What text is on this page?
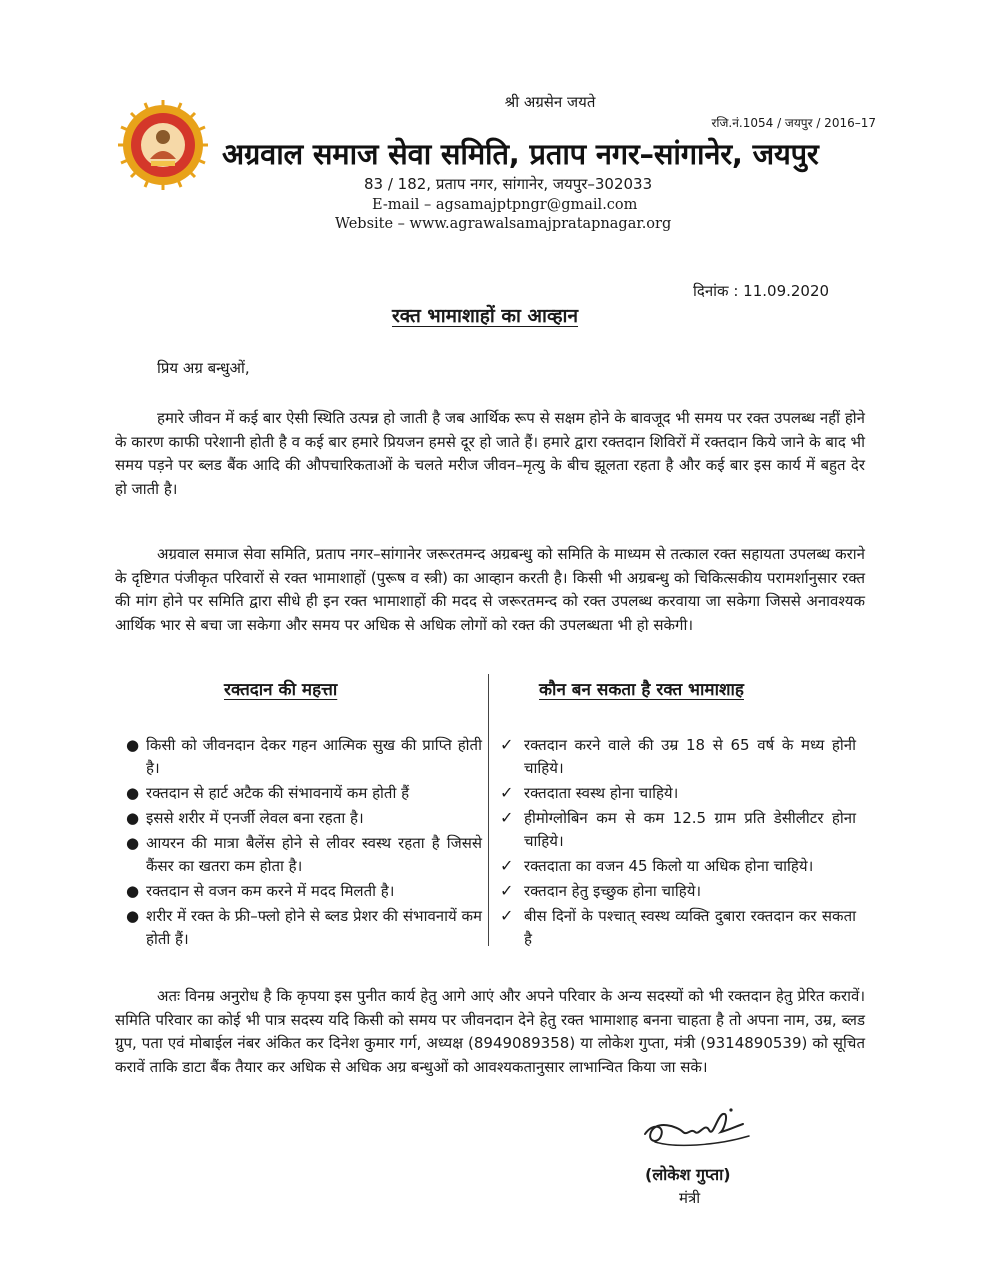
श्री अग्रसेन जयते
रजि.नं.1054 / जयपुर / 2016–17
अग्रवाल समाज सेवा समिति, प्रताप नगर–सांगानेर, जयपुर
83 / 182, प्रताप नगर, सांगानेर, जयपुर–302033
E-mail – agsamajptpngr@gmail.com
Website – www.agrawalsamajpratapnagar.org
दिनांक : 11.09.2020
रक्त भामाशाहों का आव्हान
प्रिय अग्र बन्धुओं,
हमारे जीवन में कई बार ऐसी स्थिति उत्पन्न हो जाती है जब आर्थिक रूप से सक्षम होने के बावजूद भी समय पर रक्त उपलब्ध नहीं होने के कारण काफी परेशानी होती है व कई बार हमारे प्रियजन हमसे दूर हो जाते हैं। हमारे द्वारा रक्तदान शिविरों में रक्तदान किये जाने के बाद भी समय पड़ने पर ब्लड बैंक आदि की औपचारिकताओं के चलते मरीज जीवन–मृत्यु के बीच झूलता रहता है और कई बार इस कार्य में बहुत देर हो जाती है।
अग्रवाल समाज सेवा समिति, प्रताप नगर–सांगानेर जरूरतमन्द अग्रबन्धु को समिति के माध्यम से तत्काल रक्त सहायता उपलब्ध कराने के दृष्टिगत पंजीकृत परिवारों से रक्त भामाशाहों (पुरूष व स्त्री) का आव्हान करती है। किसी भी अग्रबन्धु को चिकित्सकीय परामर्शानुसार रक्त की मांग होने पर समिति द्वारा सीधे ही इन रक्त भामाशाहों की मदद से जरूरतमन्द को रक्त उपलब्ध करवाया जा सकेगा जिससे अनावश्यक आर्थिक भार से बचा जा सकेगा और समय पर अधिक से अधिक लोगों को रक्त की उपलब्धता भी हो सकेगी।
रक्तदान की महत्ता	कौन बन सकता है रक्त भामाशाह
● किसी को जीवनदान देकर गहन आत्मिक सुख की प्राप्ति होती है।
● रक्तदान से हार्ट अटैक की संभावनायें कम होती हैं
● इससे शरीर में एनर्जी लेवल बना रहता है।
● आयरन की मात्रा बैलेंस होने से लीवर स्वस्थ रहता है जिससे कैंसर का खतरा कम होता है।
● रक्तदान से वजन कम करने में मदद मिलती है।
● शरीर में रक्त के फ्री–फ्लो होने से ब्लड प्रेशर की संभावनायें कम होती हैं।
✓ रक्तदान करने वाले की उम्र 18 से 65 वर्ष के मध्य होनी चाहिये।
✓ रक्तदाता स्वस्थ होना चाहिये।
✓ हीमोग्लोबिन कम से कम 12.5 ग्राम प्रति डेसीलीटर होना चाहिये।
✓ रक्तदाता का वजन 45 किलो या अधिक होना चाहिये।
✓ रक्तदान हेतु इच्छुक होना चाहिये।
✓ बीस दिनों के पश्चात् स्वस्थ व्यक्ति दुबारा रक्तदान कर सकता है
अतः विनम्र अनुरोध है कि कृपया इस पुनीत कार्य हेतु आगे आएं और अपने परिवार के अन्य सदस्यों को भी रक्तदान हेतु प्रेरित करावें। समिति परिवार का कोई भी पात्र सदस्य यदि किसी को समय पर जीवनदान देने हेतु रक्त भामाशाह बनना चाहता है तो अपना नाम, उम्र, ब्लड ग्रुप, पता एवं मोबाईल नंबर अंकित कर दिनेश कुमार गर्ग, अध्यक्ष (8949089358) या लोकेश गुप्ता, मंत्री (9314890539) को सूचित करावें ताकि डाटा बैंक तैयार कर अधिक से अधिक अग्र बन्धुओं को आवश्यकतानुसार लाभान्वित किया जा सके।
(लोकेश गुप्ता)
मंत्री
